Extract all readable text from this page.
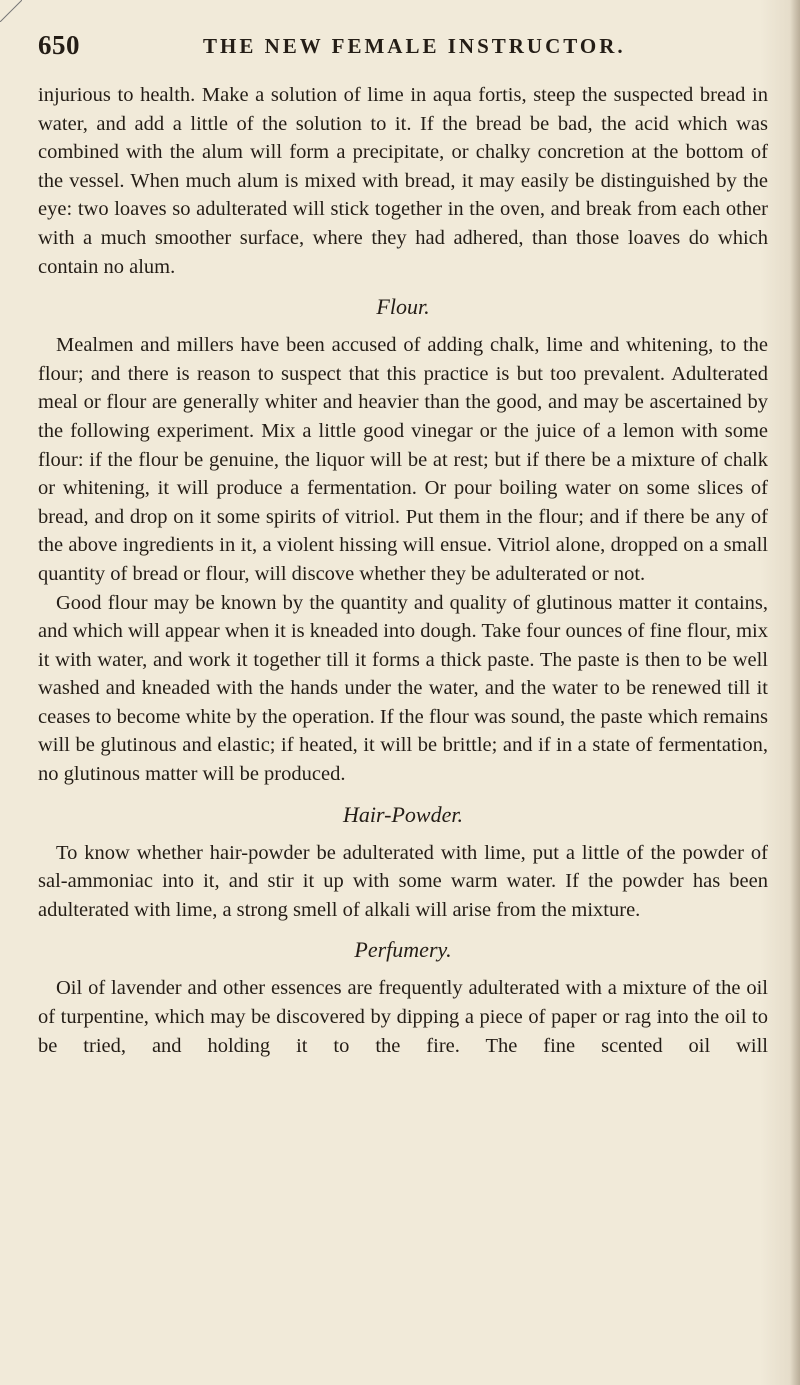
650	THE NEW FEMALE INSTRUCTOR.

injurious to health. Make a solution of lime in aqua fortis, steep the suspected bread in water, and add a little of the solution to it. If the bread be bad, the acid which was combined with the alum will form a precipitate, or chalky concretion at the bottom of the vessel. When much alum is mixed with bread, it may easily be distinguished by the eye: two loaves so adulterated will stick together in the oven, and break from each other with a much smoother surface, where they had adhered, than those loaves do which contain no alum.

Flour.

Mealmen and millers have been accused of adding chalk, lime and whitening, to the flour; and there is reason to suspect that this practice is but too prevalent. Adulterated meal or flour are generally whiter and heavier than the good, and may be ascertained by the following experiment. Mix a little good vinegar or the juice of a lemon with some flour: if the flour be genuine, the liquor will be at rest; but if there be a mixture of chalk or whitening, it will produce a fermentation. Or pour boiling water on some slices of bread, and drop on it some spirits of vitriol. Put them in the flour; and if there be any of the above ingredients in it, a violent hissing will ensue. Vitriol alone, dropped on a small quantity of bread or flour, will discove whether they be adulterated or not.

Good flour may be known by the quantity and quality of glutinous matter it contains, and which will appear when it is kneaded into dough. Take four ounces of fine flour, mix it with water, and work it together till it forms a thick paste. The paste is then to be well washed and kneaded with the hands under the water, and the water to be renewed till it ceases to become white by the operation. If the flour was sound, the paste which remains will be glutinous and elastic; if heated, it will be brittle; and if in a state of fermentation, no glutinous matter will be produced.

Hair-Powder.

To know whether hair-powder be adulterated with lime, put a little of the powder of sal-ammoniac into it, and stir it up with some warm water. If the powder has been adulterated with lime, a strong smell of alkali will arise from the mixture.

Perfumery.

Oil of lavender and other essences are frequently adulterated with a mixture of the oil of turpentine, which may be discovered by dipping a piece of paper or rag into the oil to be tried, and holding it to the fire. The fine scented oil will
